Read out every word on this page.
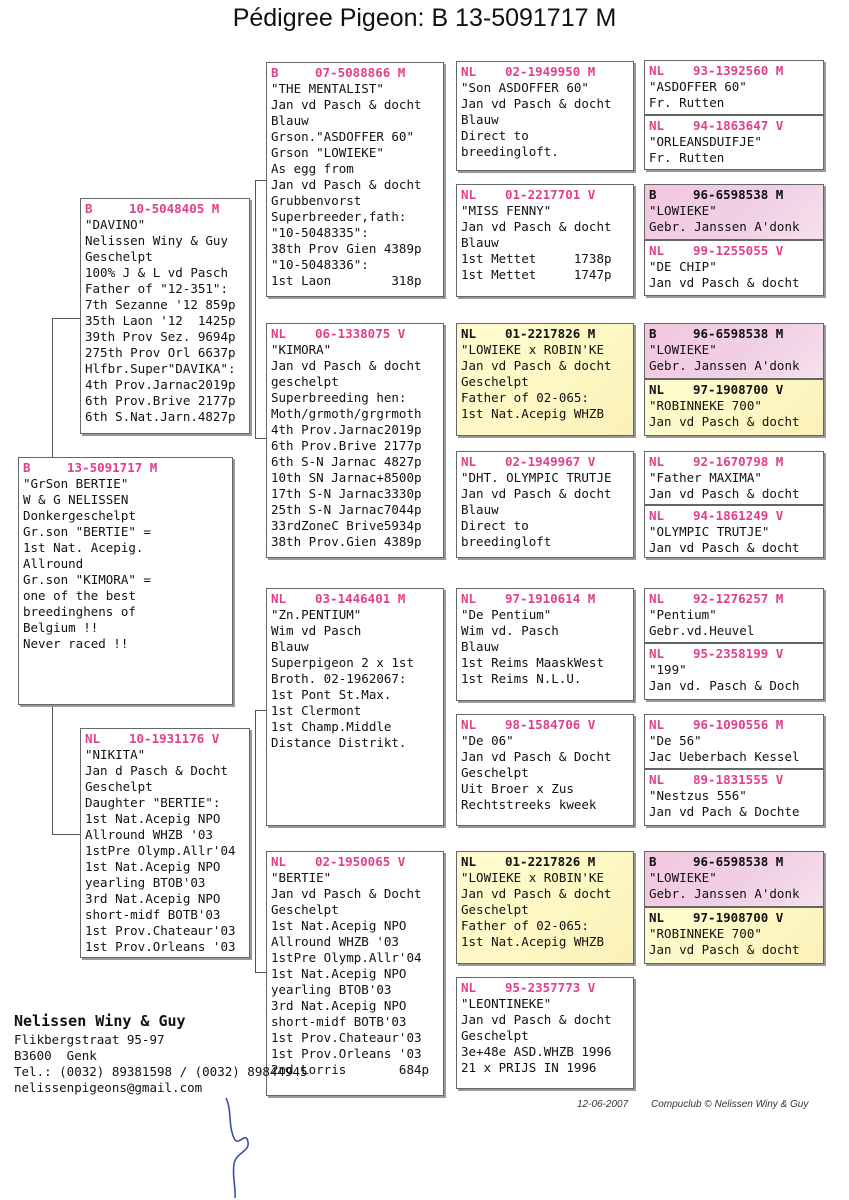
Pédigree Pigeon: B 13-5091717 M
B	13-5091717 M
"GrSon BERTIE"
W & G NELISSEN
Donkergeschelpt
Gr.son "BERTIE" =
1st Nat. Acepig.
Allround
Gr.son "KIMORA" =
one of the best
breedinghens of
Belgium !!
Never raced !!
B	10-5048405 M
"DAVINO"
Nelissen Winy & Guy
Geschelpt
100% J & L vd Pasch
Father of "12-351":
7th Sezanne '12 859p
35th Laon '12  1425p
39th Prov Sez. 9694p
275th Prov Orl 6637p
Hlfbr.Super"DAVIKA":
4th Prov.Jarnac2019p
6th Prov.Brive 2177p
6th S.Nat.Jarn.4827p
NL	10-1931176 V
"NIKITA"
Jan d Pasch & Docht
Geschelpt
Daughter "BERTIE":
1st Nat.Acepig NPO
Allround WHZB '03
1stPre Olymp.Allr'04
1st Nat.Acepig NPO
yearling BTOB'03
3rd Nat.Acepig NPO
short-midf BOTB'03
1st Prov.Chateaur'03
1st Prov.Orleans '03
B	07-5088866 M
"THE MENTALIST"
Jan vd Pasch & docht
Blauw
Grson."ASDOFFER 60"
Grson "LOWIEKE"
As egg from
Jan vd Pasch & docht
Grubbenvorst
Superbreeder,fath:
"10-5048335":
38th Prov Gien 4389p
"10-5048336":
1st Laon        318p
NL	06-1338075 V
"KIMORA"
Jan vd Pasch & docht
geschelpt
Superbreeding hen:
Moth/grmoth/grgrmoth
4th Prov.Jarnac2019p
6th Prov.Brive 2177p
6th S-N Jarnac 4827p
10th SN Jarnac+8500p
17th S-N Jarnac3330p
25th S-N Jarnac7044p
33rdZoneC Brive5934p
38th Prov.Gien 4389p
NL	03-1446401 M
"Zn.PENTIUM"
Wim vd Pasch
Blauw
Superpigeon 2 x 1st
Broth. 02-1962067:
1st Pont St.Max.
1st Clermont
1st Champ.Middle
Distance Distrikt.
NL	02-1950065 V
"BERTIE"
Jan vd Pasch & Docht
Geschelpt
1st Nat.Acepig NPO
Allround WHZB '03
1stPre Olymp.Allr'04
1st Nat.Acepig NPO
yearling BTOB'03
3rd Nat.Acepig NPO
short-midf BOTB'03
1st Prov.Chateaur'03
1st Prov.Orleans '03
2nd Lorris       684p
NL	02-1949950 M
"Son ASDOFFER 60"
Jan vd Pasch & docht
Blauw
Direct to
breedingloft.
NL	01-2217701 V
"MISS FENNY"
Jan vd Pasch & docht
Blauw
1st Mettet     1738p
1st Mettet     1747p
NL	01-2217826 M
"LOWIEKE x ROBIN'KE
Jan vd Pasch & docht
Geschelpt
Father of 02-065:
1st Nat.Acepig WHZB
NL	02-1949967 V
"DHT. OLYMPIC TRUTJE
Jan vd Pasch & docht
Blauw
Direct to
breedingloft
NL	97-1910614 M
"De Pentium"
Wim vd. Pasch
Blauw
1st Reims MaaskWest
1st Reims N.L.U.
NL	98-1584706 V
"De 06"
Jan vd Pasch & Docht
Geschelpt
Uit Broer x Zus
Rechtstreeks kweek
NL	01-2217826 M
"LOWIEKE x ROBIN'KE
Jan vd Pasch & docht
Geschelpt
Father of 02-065:
1st Nat.Acepig WHZB
NL	95-2357773 V
"LEONTINEKE"
Jan vd Pasch & docht
Geschelpt
3e+48e ASD.WHZB 1996
21 x PRIJS IN 1996
NL	93-1392560 M
"ASDOFFER 60"
Fr. Rutten
NL	94-1863647 V
"ORLEANSDUIFJE"
Fr. Rutten
B	96-6598538 M
"LOWIEKE"
Gebr. Janssen A'donk
NL	99-1255055 V
"DE CHIP"
Jan vd Pasch & docht
B	96-6598538 M
"LOWIEKE"
Gebr. Janssen A'donk
NL	97-1908700 V
"ROBINNEKE 700"
Jan vd Pasch & docht
NL	92-1670798 M
"Father MAXIMA"
Jan vd Pasch & docht
NL	94-1861249 V
"OLYMPIC TRUTJE"
Jan vd Pasch & docht
NL	92-1276257 M
"Pentium"
Gebr.vd.Heuvel
NL	95-2358199 V
"199"
Jan vd. Pasch & Doch
NL	96-1090556 M
"De 56"
Jac Ueberbach Kessel
NL	89-1831555 V
"Nestzus 556"
Jan vd Pach & Dochte
B	96-6598538 M
"LOWIEKE"
Gebr. Janssen A'donk
NL	97-1908700 V
"ROBINNEKE 700"
Jan vd Pasch & docht
Nelissen Winy & Guy
Flikbergstraat 95-97
B3600  Genk
Tel.: (0032) 89381598 / (0032) 89844945
nelissenpigeons@gmail.com
12-06-2007 Compuclub © Nelissen Winy & Guy
